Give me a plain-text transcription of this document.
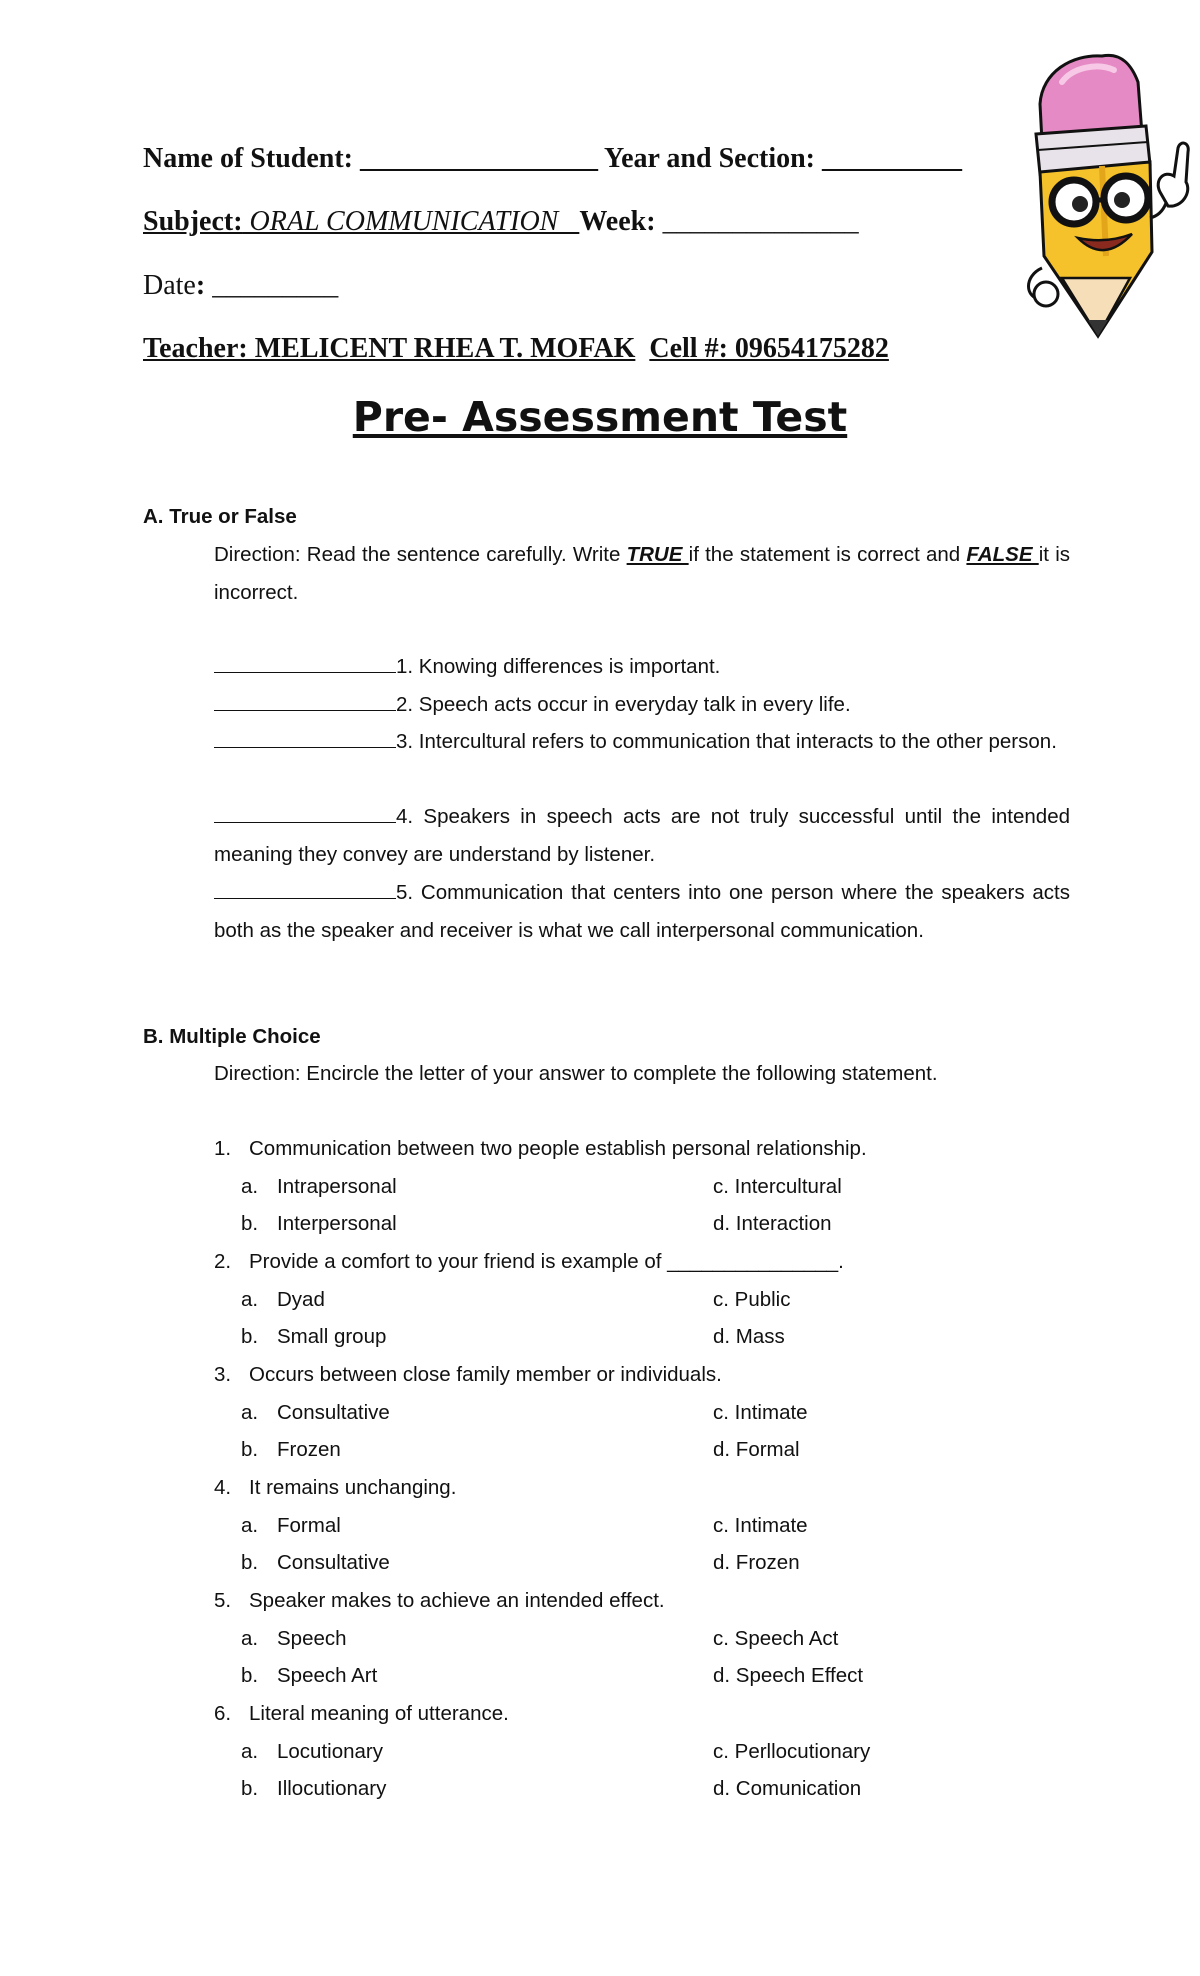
Name of Student: _________________ Year and Section: __________
Subject: ORAL COMMUNICATION   Week: ______________
Date: _________
Teacher: MELICENT RHEA T. MOFAK Cell #: 09654175282
Pre- Assessment Test
A. True or False
Direction: Read the sentence carefully. Write TRUE if the statement is correct and FALSE it is incorrect.
1. Knowing differences is important.
2. Speech acts occur in everyday talk in every life.
3. Intercultural refers to communication that interacts to the other person.
4. Speakers in speech acts are not truly successful until the intended meaning they convey are understand by listener.
5. Communication that centers into one person where the speakers acts both as the speaker and receiver is what we call interpersonal communication.
B. Multiple Choice
Direction: Encircle the letter of your answer to complete the following statement.
1. Communication between two people establish personal relationship.
a. Intrapersonal	c. Intercultural
b. Interpersonal	d. Interaction
2. Provide a comfort to your friend is example of _______________.
a. Dyad	c. Public
b. Small group	d. Mass
3. Occurs between close family member or individuals.
a. Consultative	c. Intimate
b. Frozen	d. Formal
4. It remains unchanging.
a. Formal	c. Intimate
b. Consultative	d. Frozen
5. Speaker makes to achieve an intended effect.
a. Speech	c. Speech Act
b. Speech Art	d. Speech Effect
6. Literal meaning of utterance.
a. Locutionary	c. Perllocutionary
b. Illocutionary	d. Comunication
